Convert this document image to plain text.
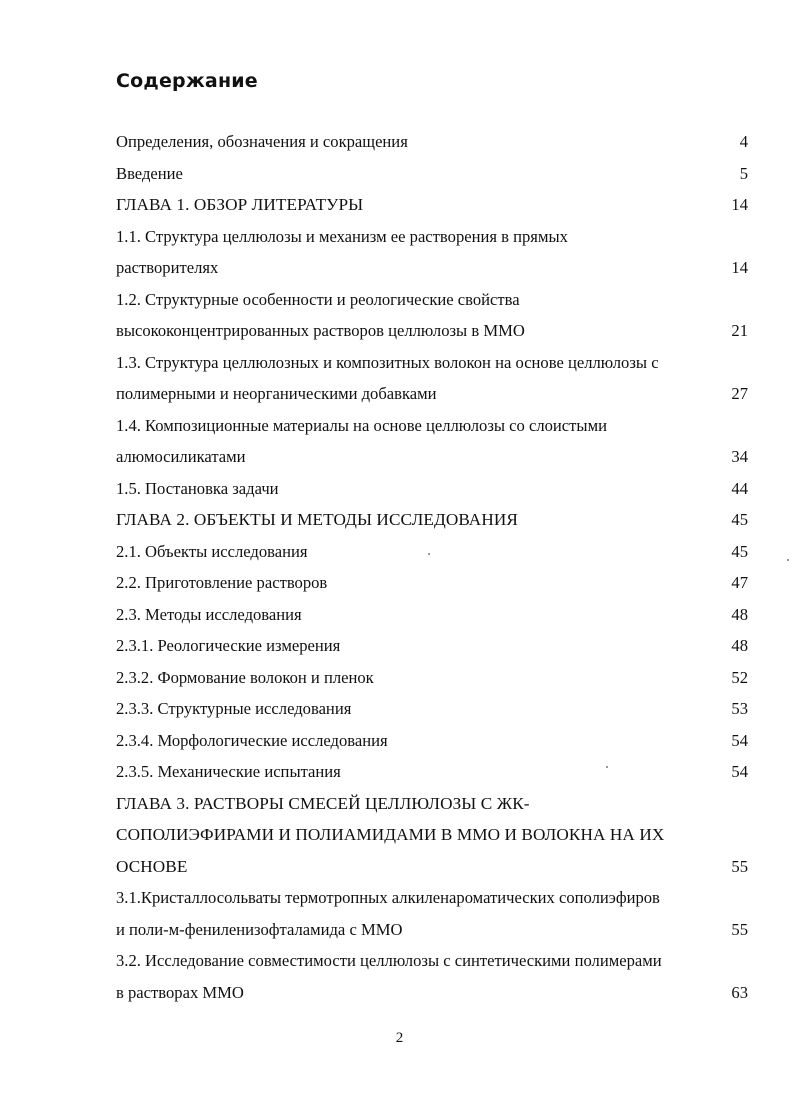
Содержание
Определения, обозначения и сокращения	4
Введение	5
ГЛАВА 1. ОБЗОР ЛИТЕРАТУРЫ	14
1.1. Структура целлюлозы и механизм ее растворения в прямых
растворителях	14
1.2. Структурные особенности и реологические свойства
высококонцентрированных растворов целлюлозы в ММО	21
1.3. Структура целлюлозных и композитных волокон на основе целлюлозы с
полимерными и неорганическими добавками	27
1.4. Композиционные материалы на основе целлюлозы со слоистыми
алюмосиликатами	34
1.5. Постановка задачи	44
ГЛАВА 2. ОБЪЕКТЫ И МЕТОДЫ ИССЛЕДОВАНИЯ	45
2.1. Объекты исследования	45
2.2. Приготовление растворов	47
2.3. Методы исследования	48
2.3.1. Реологические измерения	48
2.3.2. Формование волокон и пленок	52
2.3.3. Структурные исследования	53
2.3.4. Морфологические исследования	54
2.3.5. Механические испытания	54
ГЛАВА 3. РАСТВОРЫ СМЕСЕЙ ЦЕЛЛЮЛОЗЫ С ЖК-
СОПОЛИЭФИРАМИ И ПОЛИАМИДАМИ В ММО И ВОЛОКНА НА ИХ
ОСНОВЕ	55
3.1.Кристаллосольваты термотропных алкиленароматических сополиэфиров
и поли-м-фениленизофталамида с ММО	55
3.2. Исследование совместимости целлюлозы с синтетическими полимерами
в растворах ММО	63
2
